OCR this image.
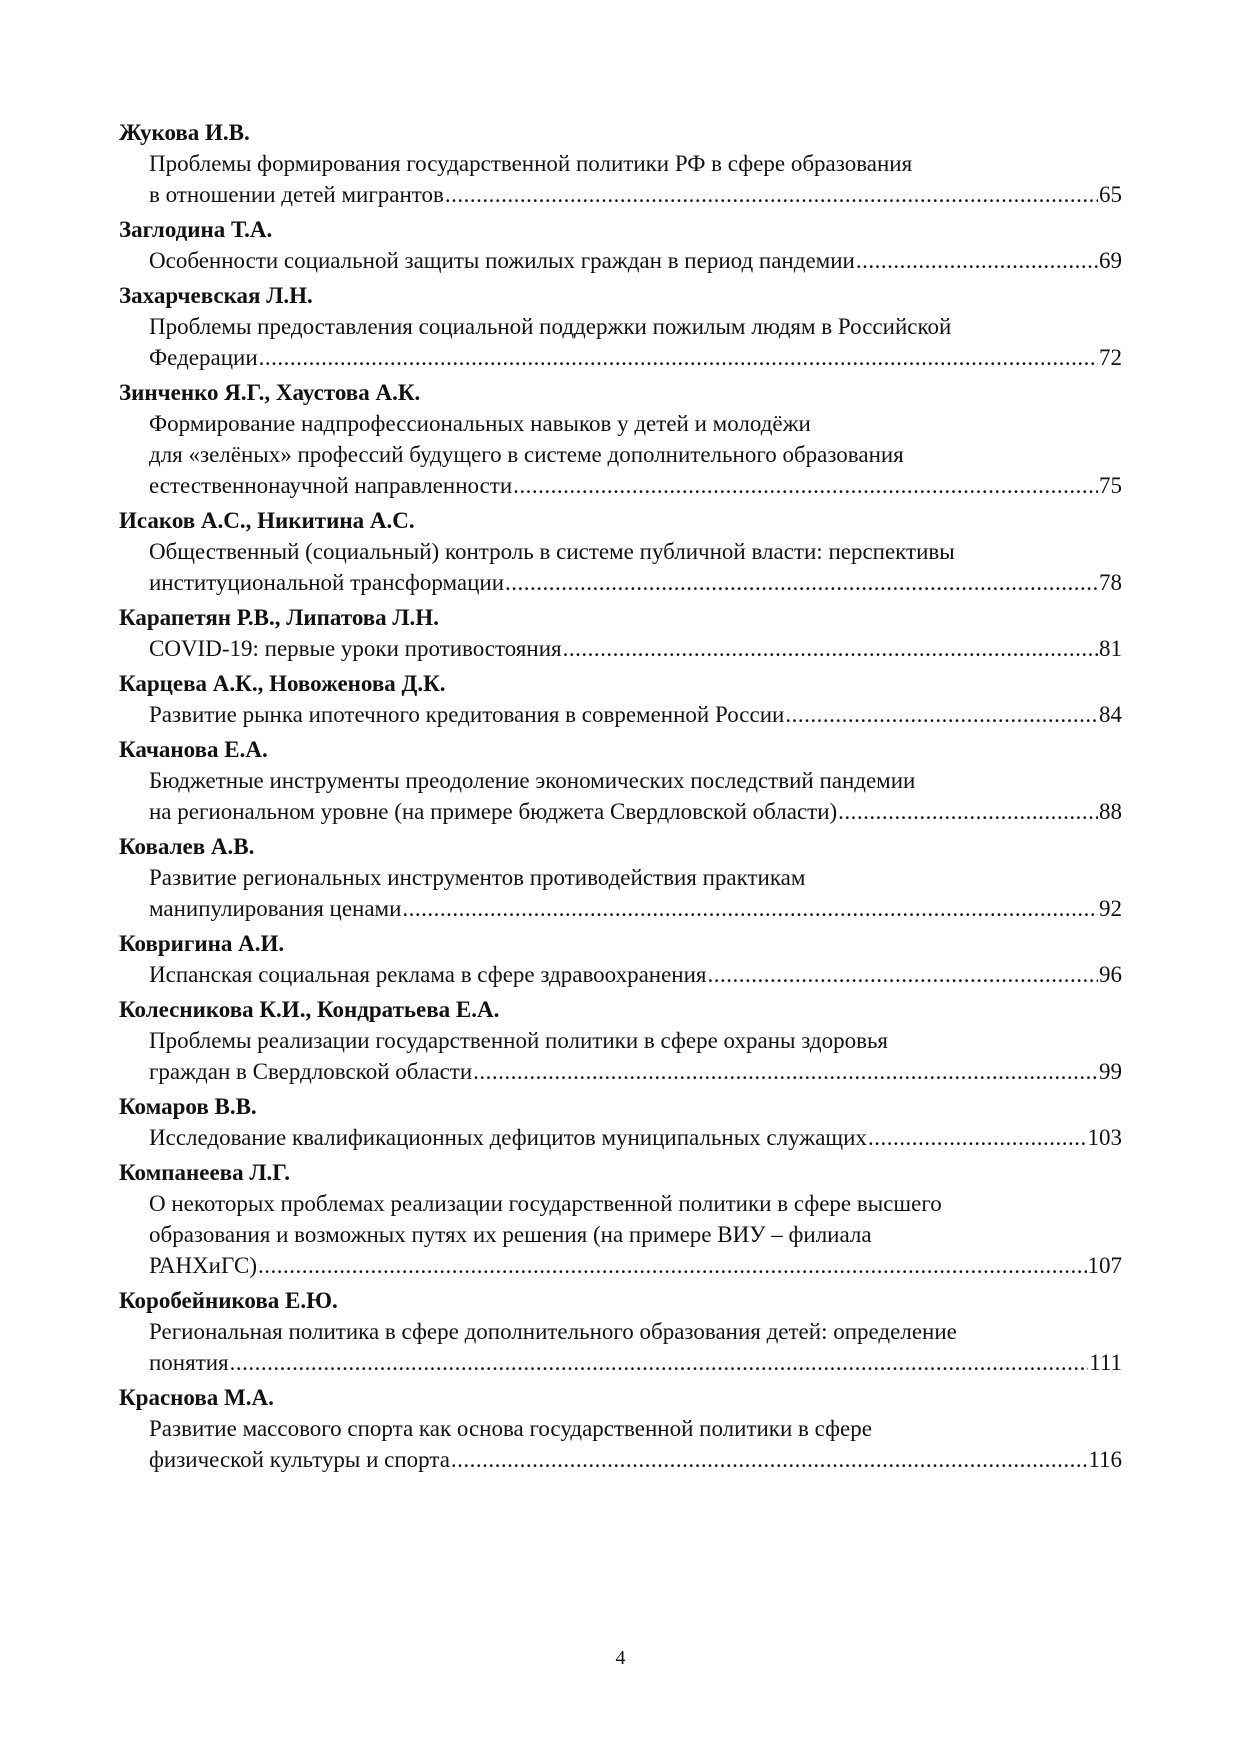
Жукова И.В.
Проблемы формирования государственной политики РФ в сфере образования
в отношении детей мигрантов .....	65
Заглодина Т.А.
Особенности социальной защиты пожилых граждан в период пандемии .....	69
Захарчевская Л.Н.
Проблемы предоставления социальной поддержки пожилым людям в Российской
Федерации .....	72
Зинченко Я.Г., Хаустова А.К.
Формирование надпрофессиональных навыков у детей и молодёжи
для «зелёных» профессий будущего в системе дополнительного образования
естественнонаучной направленности .....	75
Исаков А.С., Никитина А.С.
Общественный (социальный) контроль в системе публичной власти: перспективы
институциональной трансформации .....	78
Карапетян Р.В., Липатова Л.Н.
COVID-19: первые уроки противостояния .....	81
Карцева А.К., Новоженова Д.К.
Развитие рынка ипотечного кредитования в современной России .....	84
Качанова Е.А.
Бюджетные инструменты преодоление экономических последствий пандемии
на региональном уровне (на примере бюджета Свердловской области) .....	88
Ковалев А.В.
Развитие региональных инструментов противодействия практикам
манипулирования ценами .....	92
Ковригина А.И.
Испанская социальная реклама в сфере здравоохранения .....	96
Колесникова К.И., Кондратьева Е.А.
Проблемы реализации государственной политики в сфере охраны здоровья
граждан в Свердловской области .....	99
Комаров В.В.
Исследование квалификационных дефицитов муниципальных служащих .....	103
Компанеева Л.Г.
О некоторых проблемах реализации государственной политики в сфере высшего
образования и возможных путях их решения (на примере ВИУ – филиала
РАНХиГС) .....	107
Коробейникова Е.Ю.
Региональная политика в сфере дополнительного образования детей: определение
понятия .....	111
Краснова М.А.
Развитие массового спорта как основа государственной политики в сфере
физической культуры и спорта .....	116
4
